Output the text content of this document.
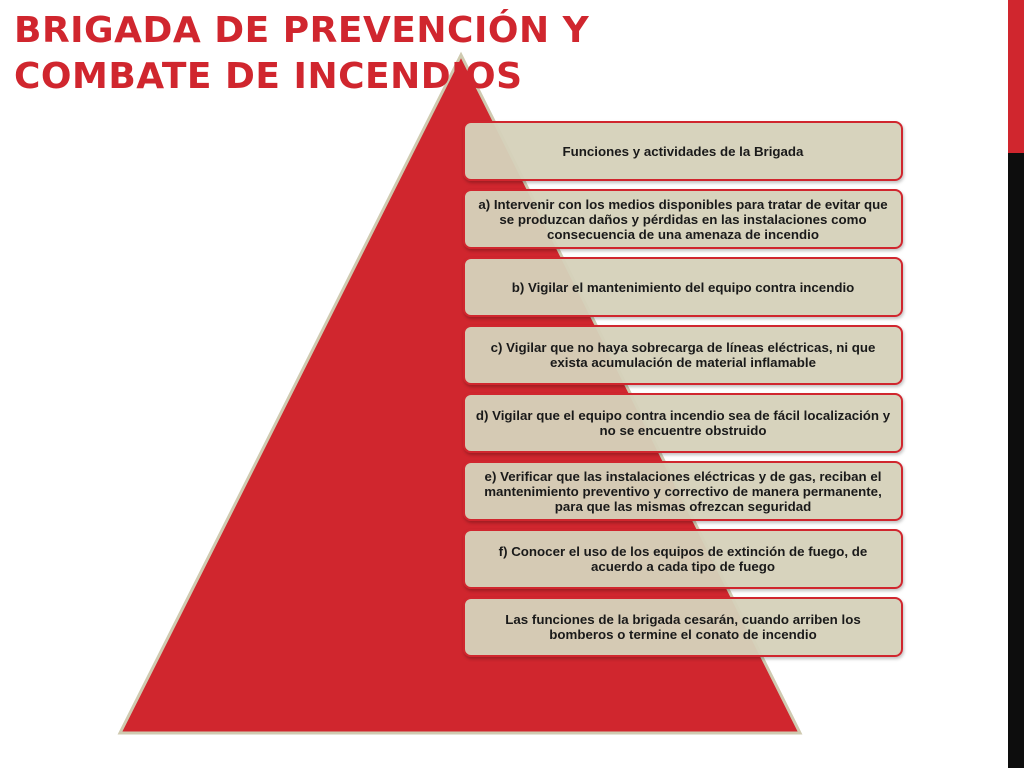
BRIGADA DE PREVENCIÓN Y COMBATE DE INCENDIOS
Funciones y actividades de la Brigada
a) Intervenir con los medios disponibles para tratar de evitar que se produzcan daños y pérdidas en las instalaciones como consecuencia de una amenaza de incendio
b) Vigilar el mantenimiento del equipo contra incendio
c) Vigilar que no haya sobrecarga de líneas eléctricas, ni que exista acumulación de material inflamable
d) Vigilar que el equipo contra incendio sea de fácil localización y no se encuentre obstruido
e) Verificar que las instalaciones eléctricas y de gas, reciban el mantenimiento preventivo y correctivo de manera permanente, para que las mismas ofrezcan seguridad
f) Conocer el uso de los equipos de extinción de fuego, de acuerdo a cada tipo de fuego
Las funciones de la brigada cesarán, cuando arriben los bomberos o termine el conato de incendio
